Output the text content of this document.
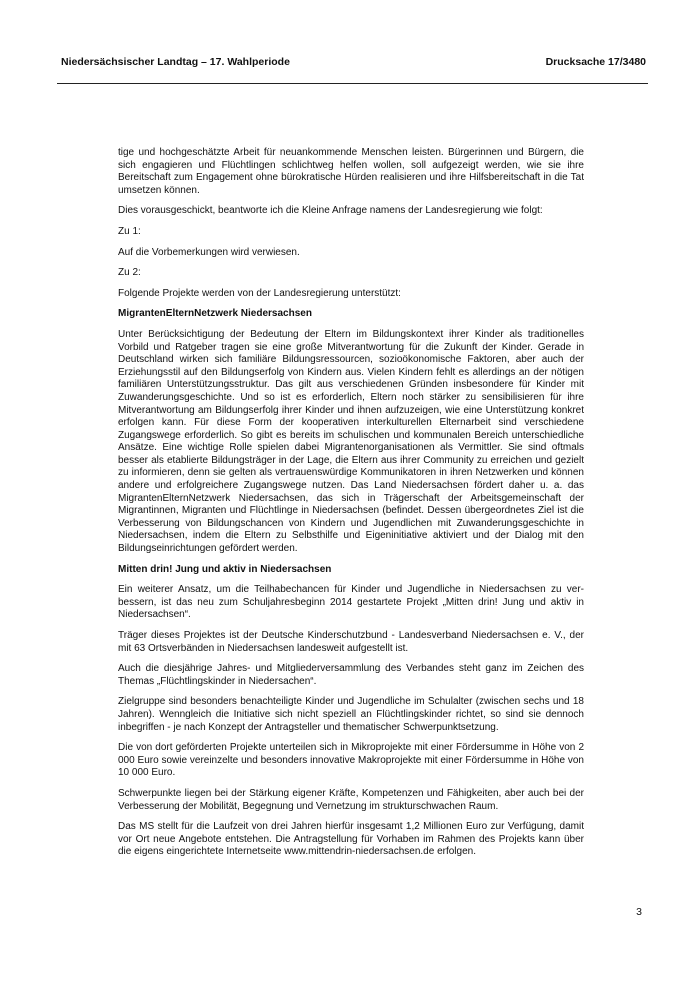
Niedersächsischer Landtag – 17. Wahlperiode	Drucksache 17/3480

tige und hochgeschätzte Arbeit für neuankommende Menschen leisten. Bürgerinnen und Bürgern, die sich engagieren und Flüchtlingen schlichtweg helfen wollen, soll aufgezeigt werden, wie sie ihre Bereitschaft zum Engagement ohne bürokratische Hürden realisieren und ihre Hilfsbereitschaft in die Tat umsetzen können.

Dies vorausgeschickt, beantworte ich die Kleine Anfrage namens der Landesregierung wie folgt:

Zu 1:

Auf die Vorbemerkungen wird verwiesen.

Zu 2:

Folgende Projekte werden von der Landesregierung unterstützt:

MigrantenElternNetzwerk Niedersachsen

Unter Berücksichtigung der Bedeutung der Eltern im Bildungskontext ihrer Kinder als traditionelles Vorbild und Ratgeber tragen sie eine große Mitverantwortung für die Zukunft der Kinder. Gerade in Deutschland wirken sich familiäre Bildungsressourcen, sozioökonomische Faktoren, aber auch der Erziehungsstil auf den Bildungserfolg von Kindern aus. Vielen Kindern fehlt es allerdings an der nötigen familiären Unterstützungsstruktur. Das gilt aus verschiedenen Gründen insbesondere für Kinder mit Zuwanderungsgeschichte. Und so ist es erforderlich, Eltern noch stärker zu sensibilisieren für ihre Mitverantwortung am Bildungserfolg ihrer Kinder und ihnen aufzuzeigen, wie eine Unterstützung konkret erfolgen kann. Für diese Form der kooperativen interkulturellen Elternarbeit sind verschiedene Zugangswege erforderlich. So gibt es bereits im schulischen und kommunalen Bereich unterschiedliche Ansätze. Eine wichtige Rolle spielen dabei Migrantenorganisationen als Vermittler. Sie sind oftmals besser als etablierte Bildungsträger in der Lage, die Eltern aus ihrer Community zu erreichen und gezielt zu informieren, denn sie gelten als vertrauenswürdige Kommunikatoren in ihren Netzwerken und können andere und erfolgreichere Zugangswege nutzen. Das Land Niedersachsen fördert daher u. a. das MigrantenElternNetzwerk Niedersachsen, das sich in Trägerschaft der Arbeitsgemeinschaft der Migrantinnen, Migranten und Flüchtlinge in Niedersachsen (befindet. Dessen übergeordnetes Ziel ist die Verbesserung von Bildungschancen von Kindern und Jugendlichen mit Zuwanderungsgeschichte in Niedersachsen, indem die Eltern zu Selbsthilfe und Eigeninitiative aktiviert und der Dialog mit den Bildungseinrichtungen gefördert werden.

Mitten drin! Jung und aktiv in Niedersachsen

Ein weiterer Ansatz, um die Teilhabechancen für Kinder und Jugendliche in Niedersachsen zu verbessern, ist das neu zum Schuljahresbeginn 2014 gestartete Projekt „Mitten drin! Jung und aktiv in Niedersachsen“.

Träger dieses Projektes ist der Deutsche Kinderschutzbund - Landesverband Niedersachsen e. V., der mit 63 Ortsverbänden in Niedersachsen landesweit aufgestellt ist.

Auch die diesjährige Jahres- und Mitgliederversammlung des Verbandes steht ganz im Zeichen des Themas „Flüchtlingskinder in Niedersachen“.

Zielgruppe sind besonders benachteiligte Kinder und Jugendliche im Schulalter (zwischen sechs und 18 Jahren). Wenngleich die Initiative sich nicht speziell an Flüchtlingskinder richtet, so sind sie dennoch inbegriffen - je nach Konzept der Antragsteller und thematischer Schwerpunktsetzung.

Die von dort geförderten Projekte unterteilen sich in Mikroprojekte mit einer Fördersumme in Höhe von 2 000 Euro sowie vereinzelte und besonders innovative Makroprojekte mit einer Fördersumme in Höhe von 10 000 Euro.

Schwerpunkte liegen bei der Stärkung eigener Kräfte, Kompetenzen und Fähigkeiten, aber auch bei der Verbesserung der Mobilität, Begegnung und Vernetzung im strukturschwachen Raum.

Das MS stellt für die Laufzeit von drei Jahren hierfür insgesamt 1,2 Millionen Euro zur Verfügung, damit vor Ort neue Angebote entstehen. Die Antragstellung für Vorhaben im Rahmen des Projekts kann über die eigens eingerichtete Internetseite www.mittendrin-niedersachsen.de erfolgen.

3
